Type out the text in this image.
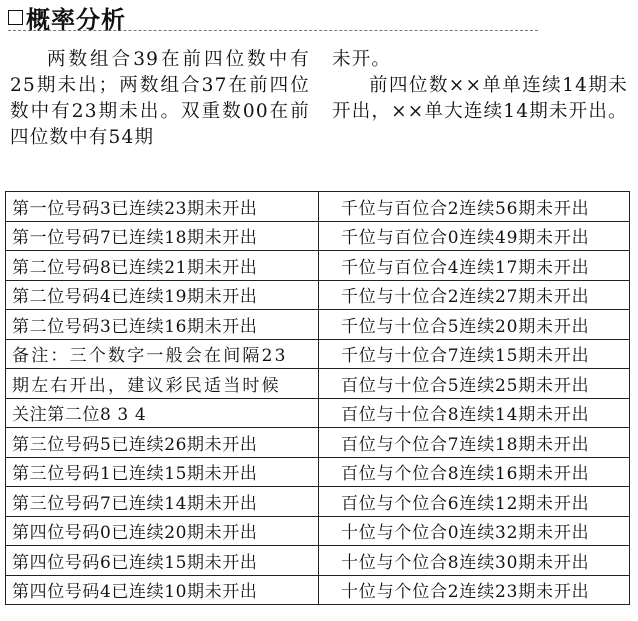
概率分析
两数组合39在前四位数中有25期未出；两数组合37在前四位数中有23期未出。双重数00在前四位数中有54期
未开。
前四位数××单单连续14期未开出，××单大连续14期未开出。
第一位号码3已连续23期未开出	千位与百位合2连续56期未开出
第一位号码7已连续18期未开出	千位与百位合0连续49期未开出
第二位号码8已连续21期未开出	千位与百位合4连续17期未开出
第二位号码4已连续19期未开出	千位与十位合2连续27期未开出
第二位号码3已连续16期未开出	千位与十位合5连续20期未开出
备注：三个数字一般会在间隔23	千位与十位合7连续15期未开出
期左右开出，建议彩民适当时候	百位与十位合5连续25期未开出
关注第二位8 3 4	百位与十位合8连续14期未开出
第三位号码5已连续26期未开出	百位与个位合7连续18期未开出
第三位号码1已连续15期未开出	百位与个位合8连续16期未开出
第三位号码7已连续14期未开出	百位与个位合6连续12期未开出
第四位号码0已连续20期未开出	十位与个位合0连续32期未开出
第四位号码6已连续15期未开出	十位与个位合8连续30期未开出
第四位号码4已连续10期未开出	十位与个位合2连续23期未开出
